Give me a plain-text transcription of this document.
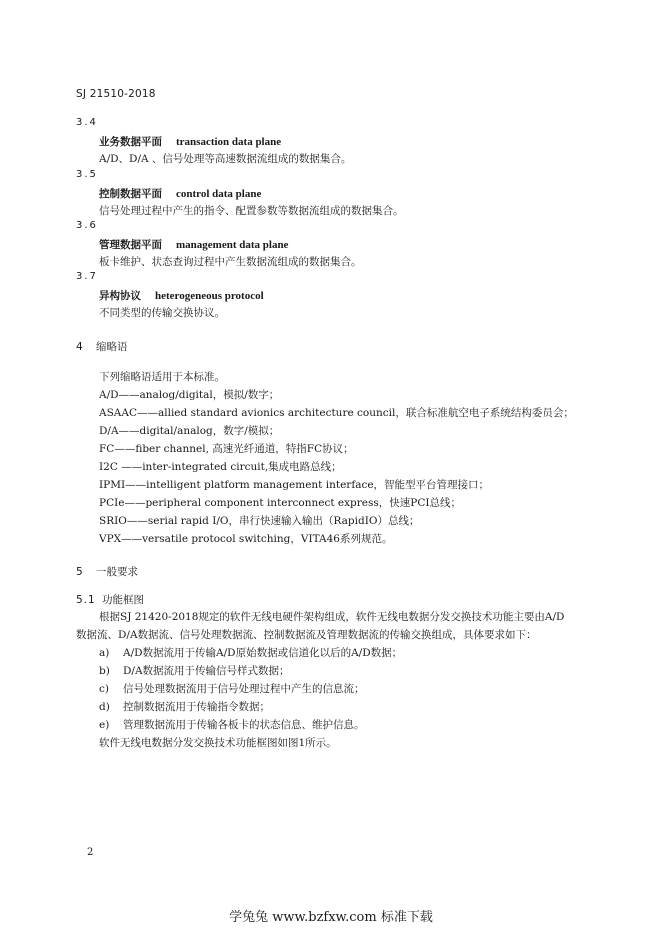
SJ 21510-2018
3.4
业务数据平面 transaction data plane
A/D、D/A 、信号处理等高速数据流组成的数据集合。
3.5
控制数据平面 control data plane
信号处理过程中产生的指令、配置参数等数据流组成的数据集合。
3.6
管理数据平面 management data plane
板卡维护、状态查询过程中产生数据流组成的数据集合。
3.7
异构协议 heterogeneous protocol
不同类型的传输交换协议。
4 缩略语
下列缩略语适用于本标准。
A/D——analog/digital，模拟/数字；
ASAAC——allied standard avionics architecture council，联合标准航空电子系统结构委员会；
D/A——digital/analog，数字/模拟；
FC——fiber channel, 高速光纤通道，特指FC协议；
I2C ——inter-integrated circuit,集成电路总线；
IPMI——intelligent platform management interface，智能型平台管理接口；
PCIe——peripheral component interconnect express，快速PCI总线；
SRIO——serial rapid I/O，串行快速输入输出（RapidIO）总线；
VPX——versatile protocol switching，VITA46系列规范。
5 一般要求
5.1 功能框图
根据SJ 21420-2018规定的软件无线电硬件架构组成，软件无线电数据分发交换技术功能主要由A/D
数据流、D/A数据流、信号处理数据流、控制数据流及管理数据流的传输交换组成，具体要求如下：
a) A/D数据流用于传输A/D原始数据或信道化以后的A/D数据；
b) D/A数据流用于传输信号样式数据；
c) 信号处理数据流用于信号处理过程中产生的信息流；
d) 控制数据流用于传输指令数据；
e) 管理数据流用于传输各板卡的状态信息、维护信息。
软件无线电数据分发交换技术功能框图如图1所示。
2
学兔兔 www.bzfxw.com 标准下载
